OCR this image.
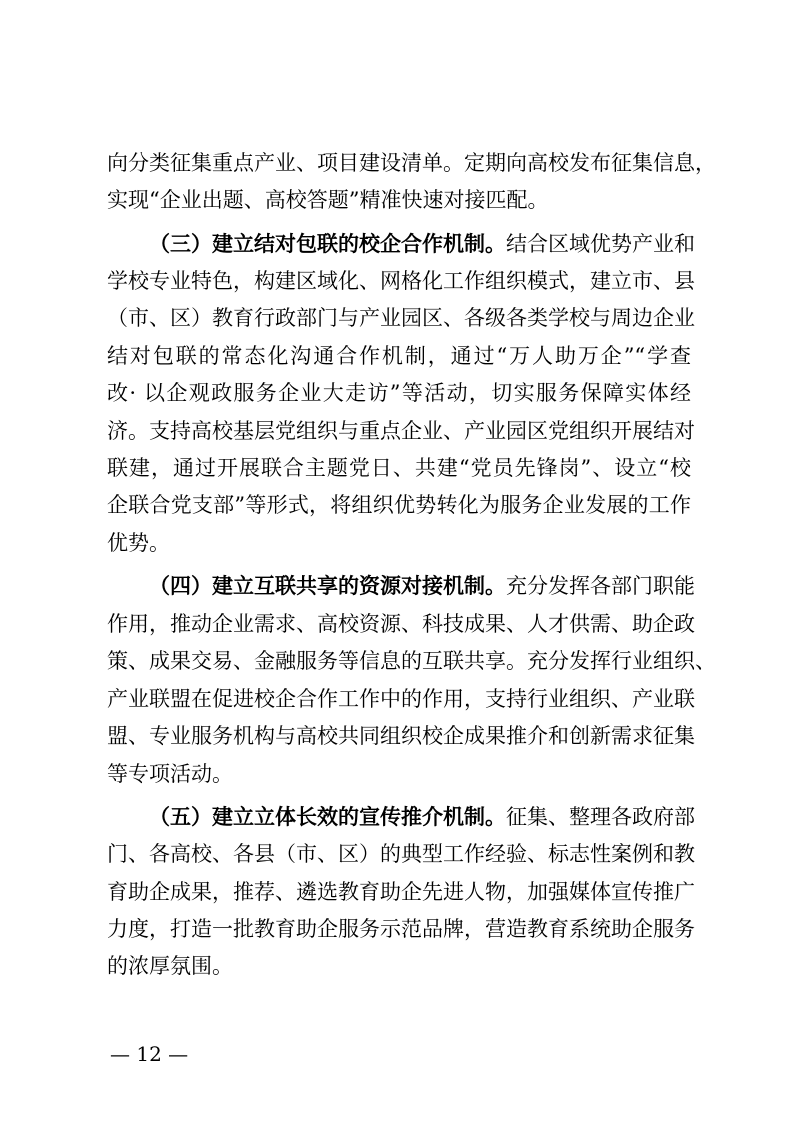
向分类征集重点产业、项目建设清单。定期向高校发布征集信息，
实现“企业出题、高校答题”精准快速对接匹配。
（三）建立结对包联的校企合作机制。结合区域优势产业和
学校专业特色，构建区域化、网格化工作组织模式，建立市、县
（市、区）教育行政部门与产业园区、各级各类学校与周边企业
结对包联的常态化沟通合作机制，通过“万人助万企”“学查
改· 以企观政服务企业大走访”等活动，切实服务保障实体经
济。支持高校基层党组织与重点企业、产业园区党组织开展结对
联建，通过开展联合主题党日、共建“党员先锋岗”、设立“校
企联合党支部”等形式，将组织优势转化为服务企业发展的工作
优势。
（四）建立互联共享的资源对接机制。充分发挥各部门职能
作用，推动企业需求、高校资源、科技成果、人才供需、助企政
策、成果交易、金融服务等信息的互联共享。充分发挥行业组织、
产业联盟在促进校企合作工作中的作用，支持行业组织、产业联
盟、专业服务机构与高校共同组织校企成果推介和创新需求征集
等专项活动。
（五）建立立体长效的宣传推介机制。征集、整理各政府部
门、各高校、各县（市、区）的典型工作经验、标志性案例和教
育助企成果，推荐、遴选教育助企先进人物，加强媒体宣传推广
力度，打造一批教育助企服务示范品牌，营造教育系统助企服务
的浓厚氛围。
— 12 —
